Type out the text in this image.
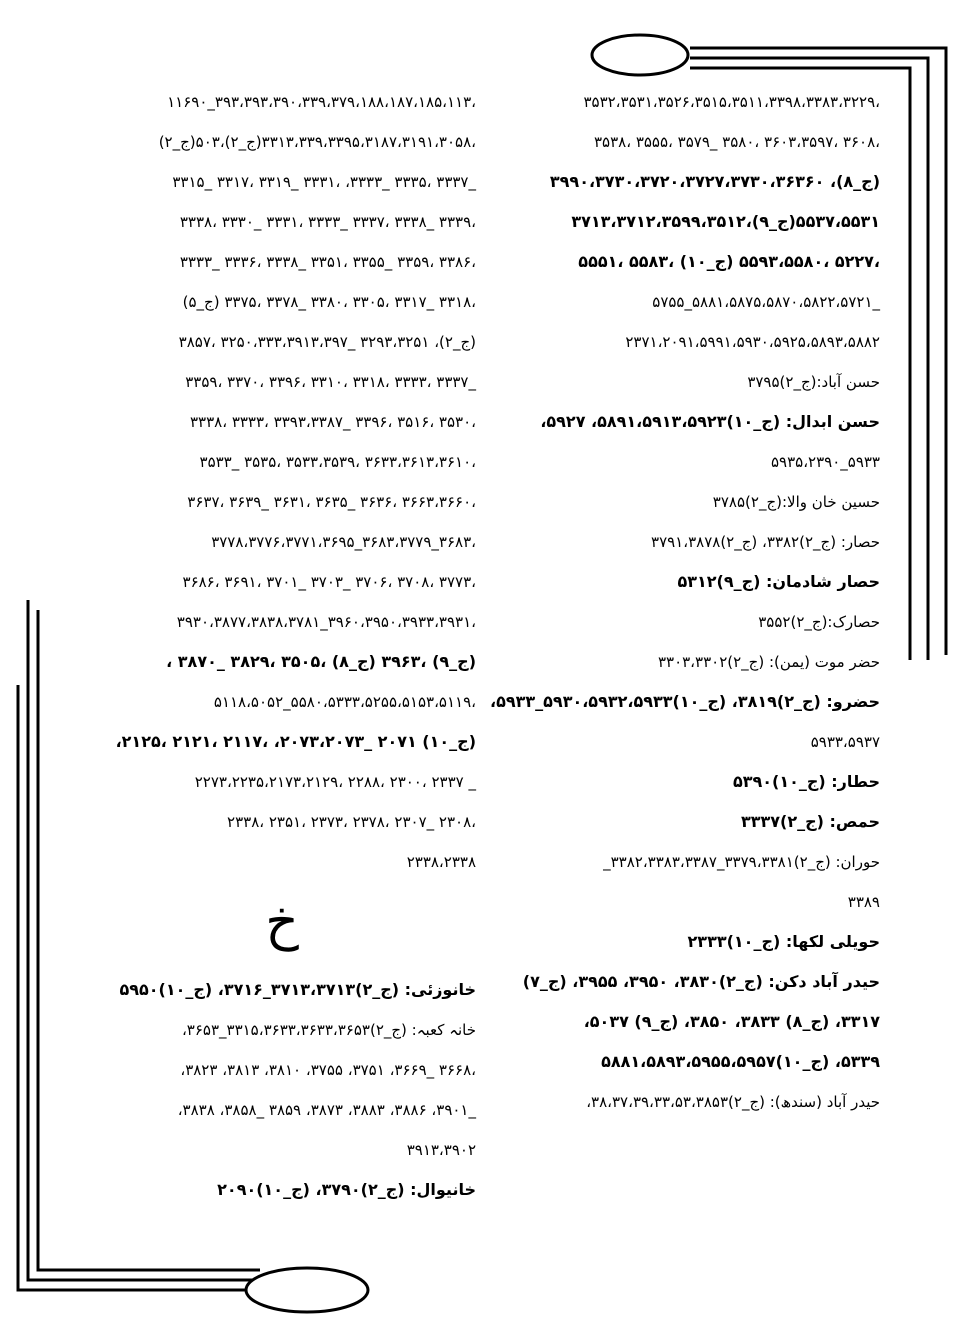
،۳۵۳۲،۳۵۳۱،۳۵۲۶،۳۵۱۵،۳۵۱۱،۳۳۹۸،۳۳۸۳،۳۲۲۹
،۳۶۰۸ ،۳۶۰۳،۳۵۹۷ ،۳۵۸۰ _۳۵۷۹ ،۳۵۵۵ ،۳۵۳۸
(ج_۸)، ۳۹۹۰،۳۷۳۰،۳۷۲۰،۳۷۲۷،۳۷۳۰،۳۶۳۶۰
۵۵۳۷،۵۵۳۱(ج_۹)،۳۷۱۳،۳۷۱۲،۳۵۹۹،۳۵۱۲
،۵۲۲۷ ،۵۵۹۳،۵۵۸۰ (ج_۱۰) ،۵۵۸۳ ،۵۵۵۱
_۵۸۸۱،۵۸۷۵،۵۸۷۰،۵۸۲۲،۵۷۲۱_۵۷۵۵
۲۳۷۱،۲۰۹۱،۵۹۹۱،۵۹۳۰،۵۹۲۵،۵۸۹۳،۵۸۸۲
حسن آباد:(ج_۲)۳۷۹۵
حسن ابدال: (ج_۱۰)۵۸۹۱،۵۹۱۳،۵۹۲۳، ۵۹۲۷،
۵۹۳۳_۵۹۳۵،۲۳۹۰
حسین خان والا:(ج_۲)۳۷۸۵
حصار: (ج_۲)۳۳۸۲، (ج_۲)۳۷۹۱،۳۸۷۸
حصار شادمان: (ج_۹)۵۳۱۲
حصارک:(ج_۲)۳۵۵۲
حضر موت (یمن): (ج_۲)۳۳۰۳،۳۳۰۲
حضرو: (ج_۲)۳۸۱۹، (ج_۱۰)۵۹۳۰،۵۹۳۲،۵۹۳۳_۵۹۳۳،
۵۹۳۳،۵۹۳۷
حطار: (ج_۱۰)۵۳۹۰
حمص: (ج_۲)۳۳۳۷
حوران: (ج_۲)۳۳۷۹،۳۳۸۱_۳۳۸۲،۳۳۸۳،۳۳۸۷_
۳۳۸۹
حویلی لکھا: (ج_۱۰)۲۳۳۳
حیدر آباد دکن: (ج_۲)۳۸۳۰، ۳۹۵۰، ۳۹۵۵، (ج_۷)
۳۳۱۷، (ج_۸) ۳۸۳۳، ۳۸۵۰، (ج_۹) ۵۰۳۷،
۵۳۳۹، (ج_۱۰)۵۸۸۱،۵۸۹۳،۵۹۵۵،۵۹۵۷
حیدر آباد (سندھ): (ج_۲)۳۸،۳۷،۳۹،۳۳،۵۳،۳۸۵۳،
،۳۹۳،۳۹۳،۳۹۰،۳۳۹،۳۷۹،۱۸۸،۱۸۷،۱۸۵،۱۱۳_۱۱۶۹۰
،۳۳۱۳،۳۳۹،۳۳۹۵،۳۱۸۷،۳۱۹۱،۳۰۵۸(ج_۲)،۵۰۳(ج_۲)
_۳۳۳۷ ،۳۳۳۵ _۳۳۳۳، ،۳۳۳۱ _۳۳۱۹ ،۳۳۱۷ _۳۳۱۵
،۳۳۳۹ _۳۳۳۸ ،۳۳۳۷ _۳۳۳۳ ،۳۳۳۱ _۳۳۳۰ ،۳۳۳۸
،۳۳۸۶ ،۳۳۵۹ _۳۳۵۵ ،۳۳۵۱ _۳۳۳۸ ،۳۳۳۶ _۳۳۳۳
،۳۳۱۸ _۳۳۱۷ ،۳۳۰۵ ،۳۳۸۰ _۳۳۷۸ ،۳۳۷۵ (ج_۵)
(ج_۲)، ۳۲۹۳،۳۲۵۱ _۳۲۵۰،۳۳۳،۳۹۱۳،۳۹۷ ،۳۸۵۷
_۳۳۳۷ ،۳۳۳۳ ،۳۳۱۸ ،۳۳۱۰ ،۳۳۹۶ ،۳۳۷۰ ،۳۳۵۹
،۳۵۳۰ ،۳۵۱۶ ،۳۳۹۶ _۳۳۹۳،۳۳۸۷ ،۳۳۳۳ ،۳۳۳۸
،۳۶۳۳،۳۶۱۳،۳۶۱۰ ،۳۵۳۳،۳۵۳۹ ،۳۵۳۵ _۳۵۳۳
،۳۶۶۳،۳۶۶۰ ،۳۶۳۶ _۳۶۳۵ ،۳۶۳۱ _۳۶۳۹ ،۳۶۳۷
،۳۶۸۳_۳۶۸۳،۳۷۷۹_۳۷۷۸،۳۷۷۶،۳۷۷۱،۳۶۹۵
،۳۷۷۳ ،۳۷۰۸ ،۳۷۰۶ _۳۷۰۳ _۳۷۰۱ ،۳۶۹۱ ،۳۶۸۶
،۳۹۶۰،۳۹۵۰،۳۹۳۳،۳۹۳۱_۳۹۳۰،۳۸۷۷،۳۸۳۸،۳۷۸۱
(ج_۹) ،۳۹۶۳ (ج_۸) ،۳۵۰۵ ،۳۸۲۹ _۳۸۷۰ ،
،۵۵۸۰،۵۳۳۳،۵۲۵۵،۵۱۵۳،۵۱۱۹_۵۱۱۸،۵۰۵۲
(ج_۱۰) ۲۰۷۱ _۲۰۷۳،۲۰۷۳، ،۲۱۱۷ ،۲۱۲۱ ،۲۱۲۵،
_ ۲۳۳۷ ،۲۳۰۰ ،۲۲۸۸ ،۲۲۷۳،۲۲۳۵،۲۱۷۳،۲۱۲۹
،۲۳۰۸ _۲۳۰۷ ،۲۳۷۸ ،۲۳۷۳ ،۲۳۵۱ ،۲۳۳۸
۲۳۳۸،۲۳۳۸
خ
خانوزئی: (ج_۲)۳۷۱۳،۳۷۱۳_۳۷۱۶، (ج_۱۰)۵۹۵۰
خانہ کعبہ: (ج_۲)۳۳۱۵،۳۶۳۳،۳۶۳۳،۳۶۵۳_۳۶۵۳،
،۳۶۶۸ _۳۶۶۹، ۳۷۵۱، ۳۷۵۵، ۳۸۱۰، ۳۸۱۳، ۳۸۲۳،
_۳۹۰۱، ۳۸۸۶، ۳۸۸۳، ۳۸۷۳، ۳۸۵۹ _۳۸۵۸، ۳۸۳۸،
۳۹۱۳،۳۹۰۲
خانیوال: (ج_۲)۳۷۹۰، (ج_۱۰)۲۰۹۰
